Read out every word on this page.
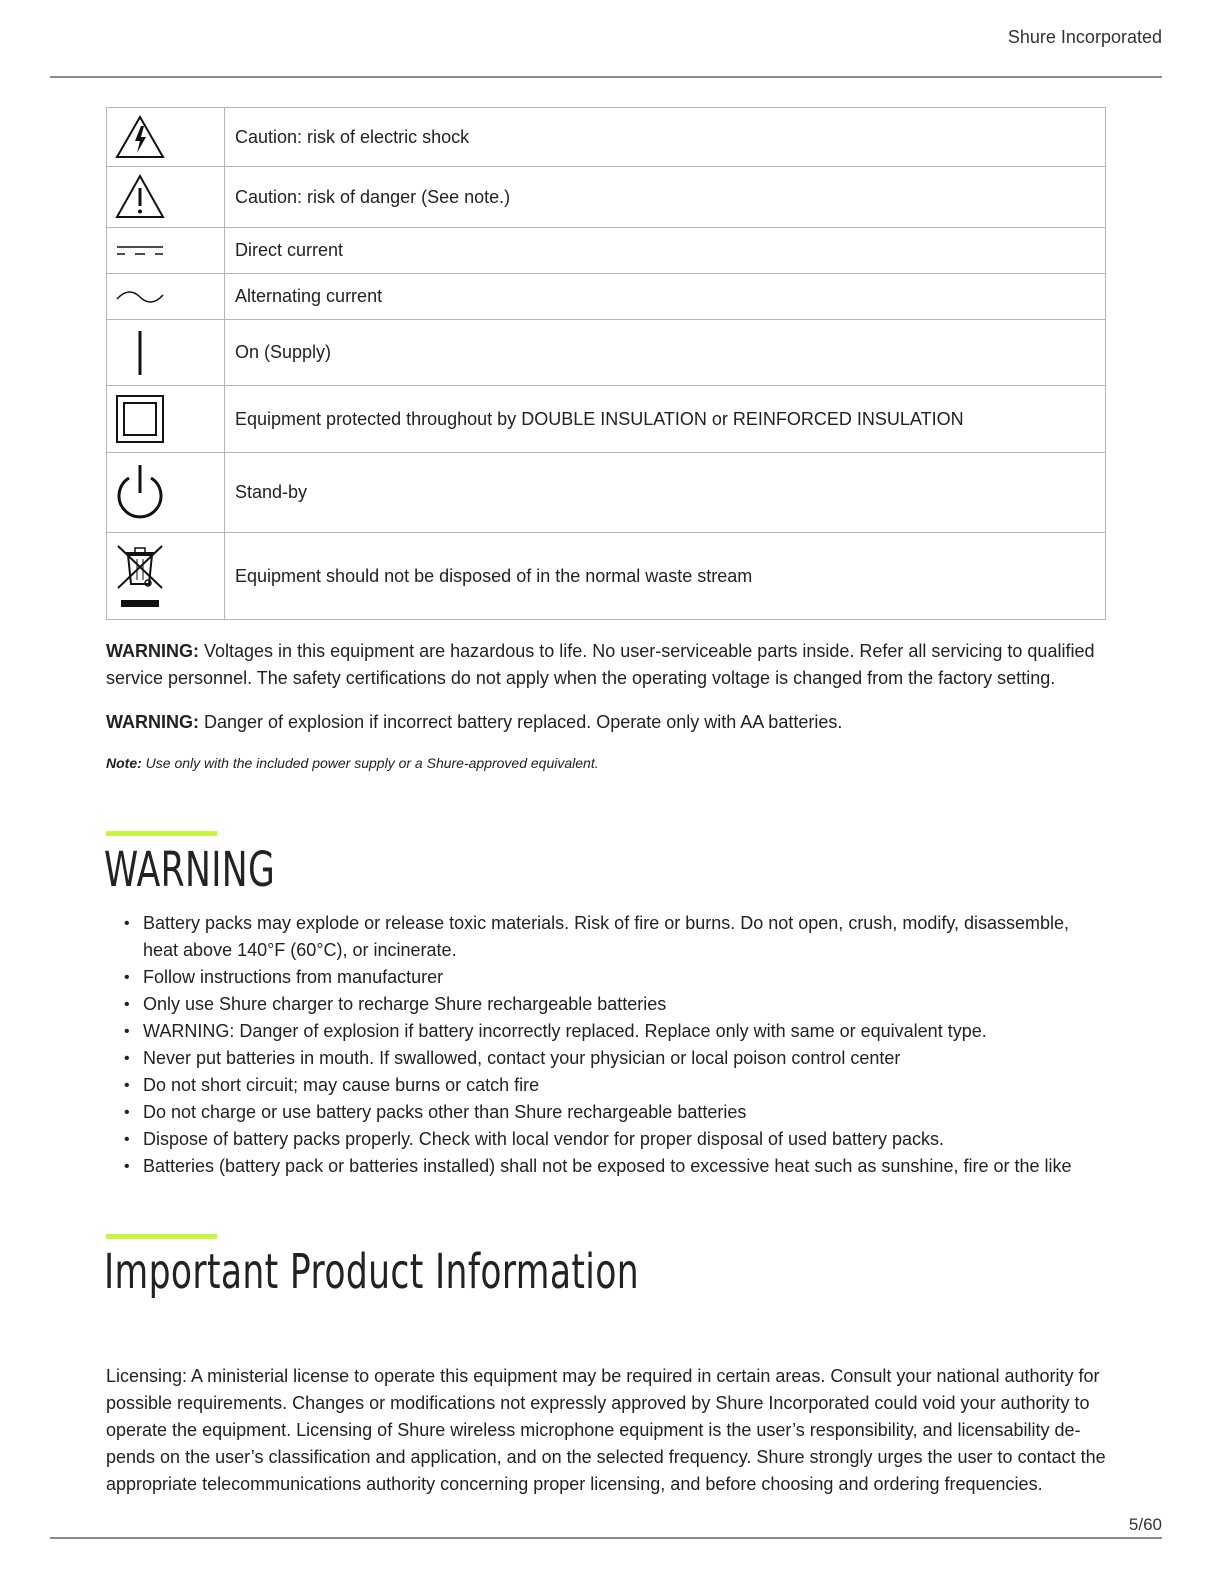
Shure Incorporated
	Caution: risk of electric shock

	Caution: risk of danger (See note.)

	Direct current

	Alternating current

	On (Supply)

	Equipment protected throughout by DOUBLE INSULATION or REINFORCED INSULATION

	Stand-by

	Equipment should not be disposed of in the normal waste stream

WARNING: Voltages in this equipment are hazardous to life. No user-serviceable parts inside. Refer all servicing to qualified service personnel. The safety certifications do not apply when the operating voltage is changed from the factory setting.

WARNING: Danger of explosion if incorrect battery replaced. Operate only with AA batteries.

Note: Use only with the included power supply or a Shure-approved equivalent.

WARNING
• Battery packs may explode or release toxic materials. Risk of fire or burns. Do not open, crush, modify, disassemble, heat above 140°F (60°C), or incinerate.
• Follow instructions from manufacturer
• Only use Shure charger to recharge Shure rechargeable batteries
• WARNING: Danger of explosion if battery incorrectly replaced. Replace only with same or equivalent type.
• Never put batteries in mouth. If swallowed, contact your physician or local poison control center
• Do not short circuit; may cause burns or catch fire
• Do not charge or use battery packs other than Shure rechargeable batteries
• Dispose of battery packs properly. Check with local vendor for proper disposal of used battery packs.
• Batteries (battery pack or batteries installed) shall not be exposed to excessive heat such as sunshine, fire or the like
Important Product Information

Licensing: A ministerial license to operate this equipment may be required in certain areas. Consult your national authority for possible requirements. Changes or modifications not expressly approved by Shure Incorporated could void your authority to operate the equipment. Licensing of Shure wireless microphone equipment is the user’s responsibility, and licensability de-pends on the user’s classification and application, and on the selected frequency. Shure strongly urges the user to contact the appropriate telecommunications authority concerning proper licensing, and before choosing and ordering frequencies.

5/60
